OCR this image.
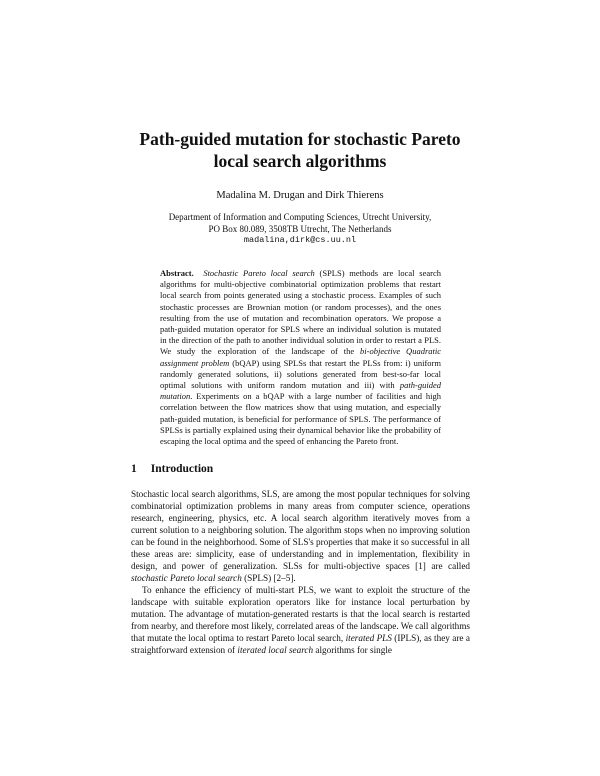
Path-guided mutation for stochastic Pareto
local search algorithms
Madalina M. Drugan and Dirk Thierens
Department of Information and Computing Sciences, Utrecht University,
PO Box 80.089, 3508TB Utrecht, The Netherlands
madalina,dirk@cs.uu.nl
Abstract. Stochastic Pareto local search (SPLS) methods are local search algorithms for multi-objective combinatorial optimization problems that restart local search from points generated using a stochastic process. Examples of such stochastic processes are Brownian motion (or random processes), and the ones resulting from the use of mutation and recombination operators. We propose a path-guided mutation operator for SPLS where an individual solution is mutated in the direction of the path to another individual solution in order to restart a PLS. We study the exploration of the landscape of the bi-objective Quadratic assignment problem (bQAP) using SPLSs that restart the PLSs from: i) uniform randomly generated solutions, ii) solutions generated from best-so-far local optimal solutions with uniform random mutation and iii) with path-guided mutation. Experiments on a bQAP with a large number of facilities and high correlation between the flow matrices show that using mutation, and especially path-guided mutation, is beneficial for performance of SPLS. The performance of SPLSs is partially explained using their dynamical behavior like the probability of escaping the local optima and the speed of enhancing the Pareto front.
1 Introduction

Stochastic local search algorithms, SLS, are among the most popular techniques for solving combinatorial optimization problems in many areas from computer science, operations research, engineering, physics, etc. A local search algorithm iteratively moves from a current solution to a neighboring solution. The algorithm stops when no improving solution can be found in the neighborhood. Some of SLS's properties that make it so successful in all these areas are: simplicity, ease of understanding and in implementation, flexibility in design, and power of generalization. SLSs for multi-objective spaces [1] are called stochastic Pareto local search (SPLS) [2–5].

To enhance the efficiency of multi-start PLS, we want to exploit the structure of the landscape with suitable exploration operators like for instance local perturbation by mutation. The advantage of mutation-generated restarts is that the local search is restarted from nearby, and therefore most likely, correlated areas of the landscape. We call algorithms that mutate the local optima to restart Pareto local search, iterated PLS (IPLS), as they are a straightforward extension of iterated local search algorithms for single
